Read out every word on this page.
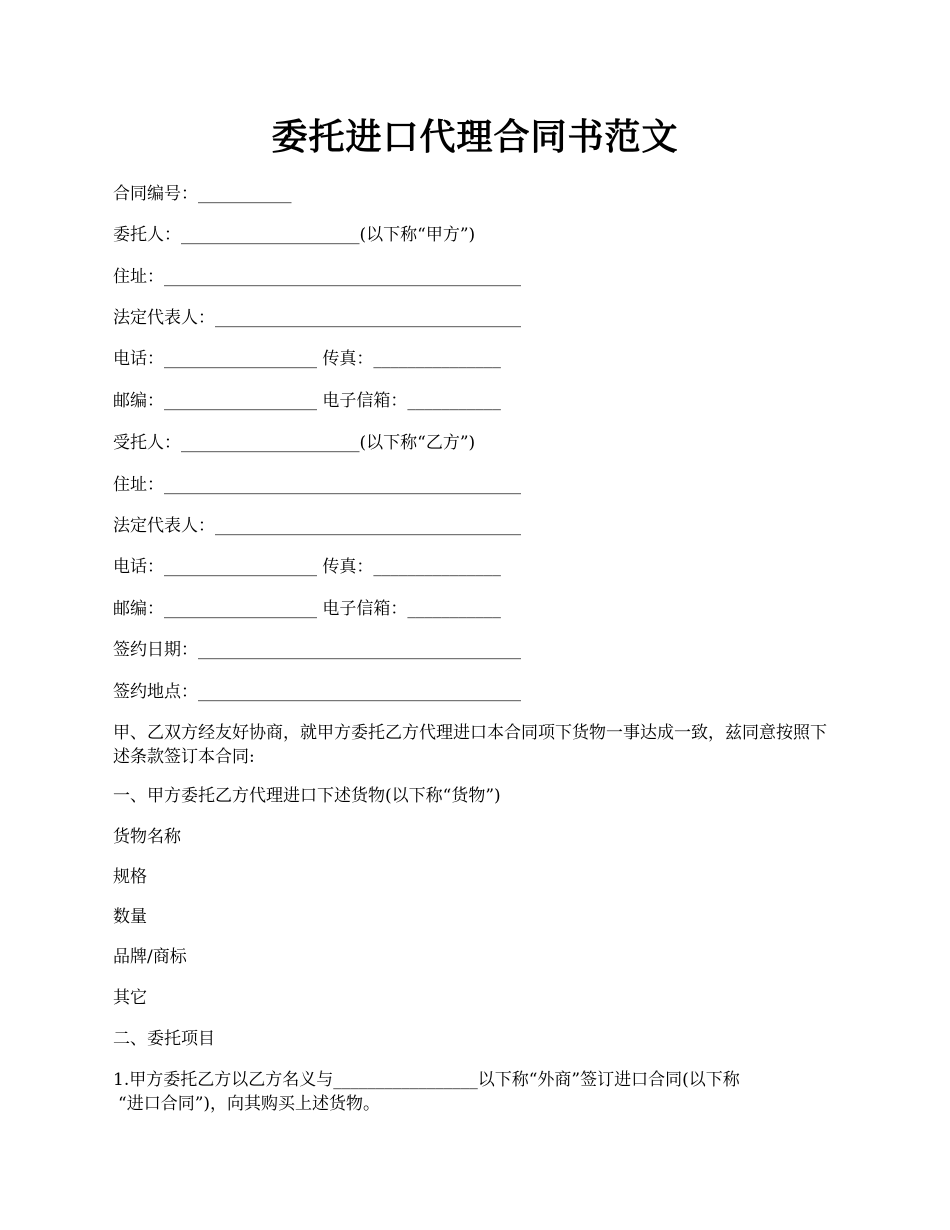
委托进口代理合同书范文
合同编号：___________
委托人：_____________________(以下称“甲方”)
住址：__________________________________________
法定代表人：____________________________________
电话：__________________ 传真：_______________
邮编：__________________ 电子信箱：___________
受托人：_____________________(以下称“乙方”)
住址：__________________________________________
法定代表人：____________________________________
电话：__________________ 传真：_______________
邮编：__________________ 电子信箱：___________
签约日期：______________________________________
签约地点：______________________________________
甲、乙双方经友好协商，就甲方委托乙方代理进口本合同项下货物一事达成一致，兹同意按照下述条款签订本合同:
一、甲方委托乙方代理进口下述货物(以下称“货物”)
货物名称
规格
数量
品牌/商标
其它
二、委托项目
1.甲方委托乙方以乙方名义与_________________以下称“外商”签订进口合同(以下称
“进口合同”)，向其购买上述货物。
